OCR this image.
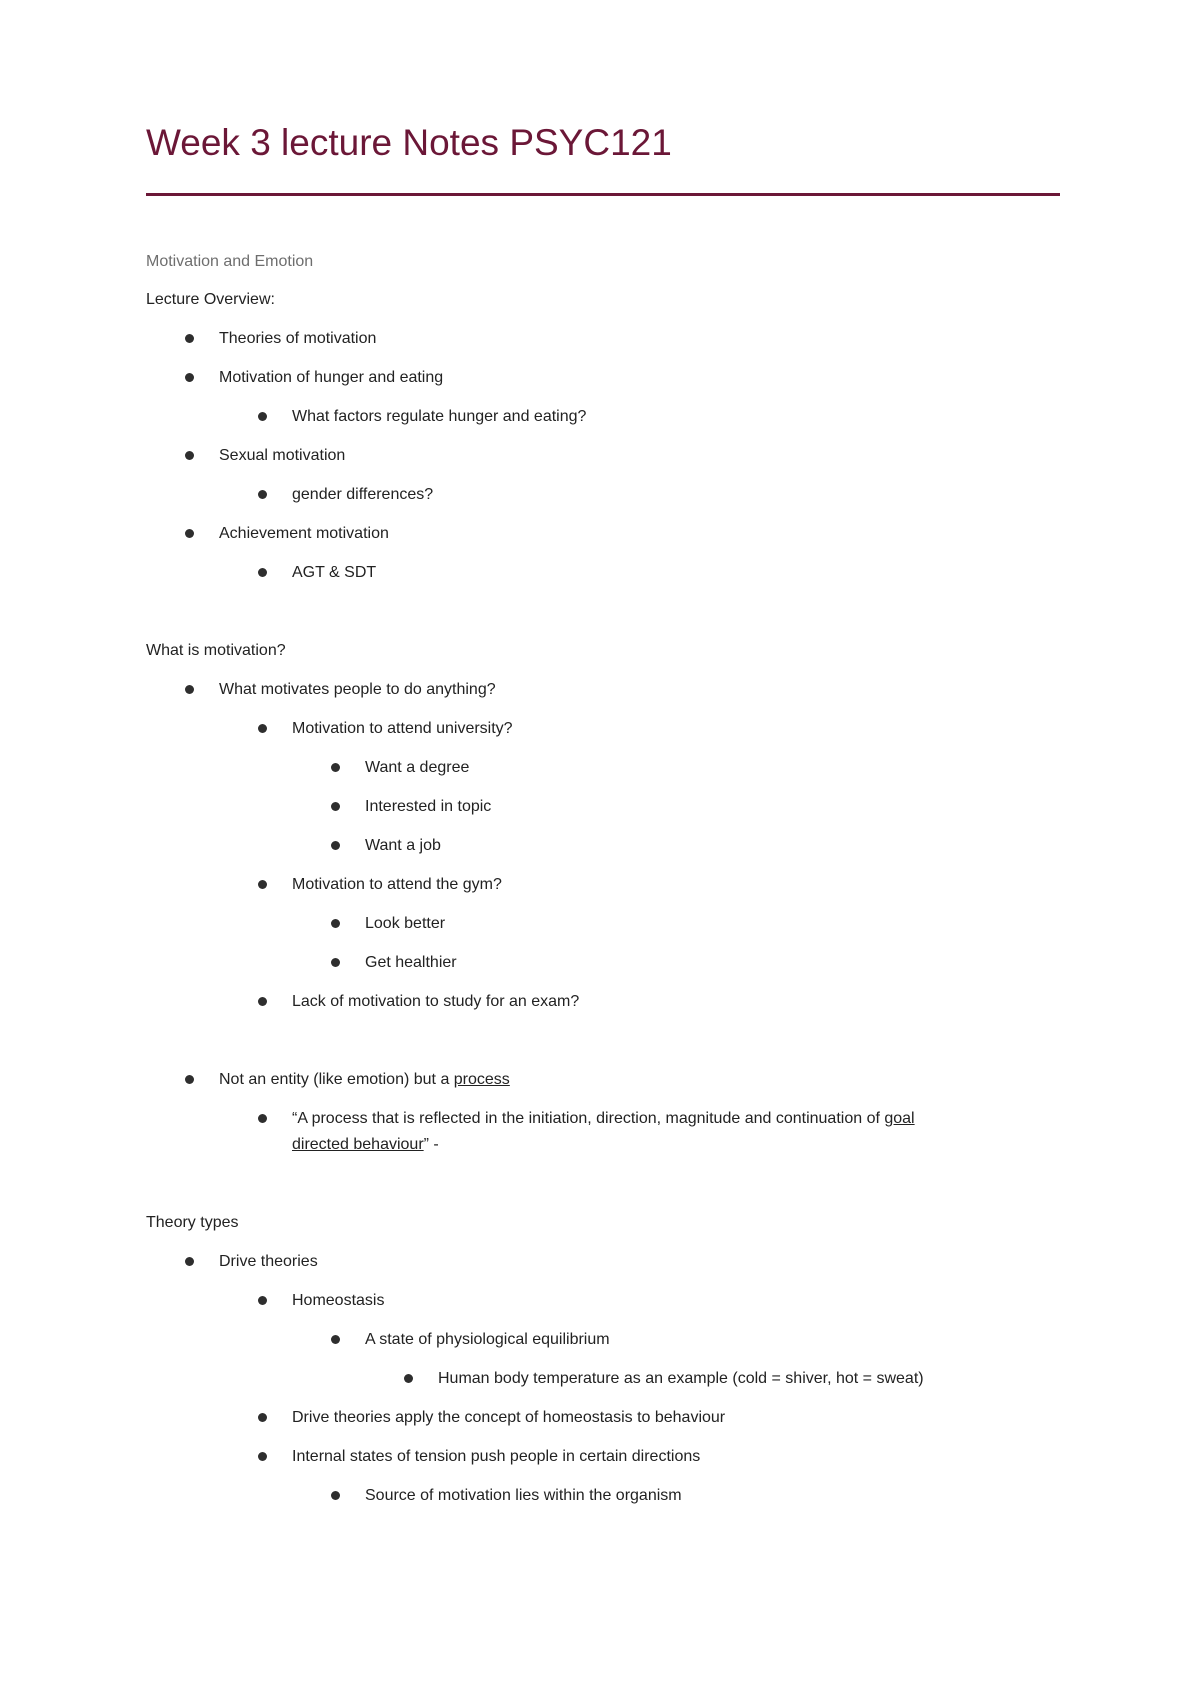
Week 3 lecture Notes PSYC121
Motivation and Emotion
Lecture Overview:
Theories of motivation
Motivation of hunger and eating
What factors regulate hunger and eating?
Sexual motivation
gender differences?
Achievement motivation
AGT & SDT
What is motivation?
What motivates people to do anything?
Motivation to attend university?
Want a degree
Interested in topic
Want a job
Motivation to attend the gym?
Look better
Get healthier
Lack of motivation to study for an exam?
Not an entity (like emotion) but a process
“A process that is reflected in the initiation, direction, magnitude and continuation of goal
directed behaviour” -
Theory types
Drive theories
Homeostasis
A state of physiological equilibrium
Human body temperature as an example (cold = shiver, hot = sweat)
Drive theories apply the concept of homeostasis to behaviour
Internal states of tension push people in certain directions
Source of motivation lies within the organism
